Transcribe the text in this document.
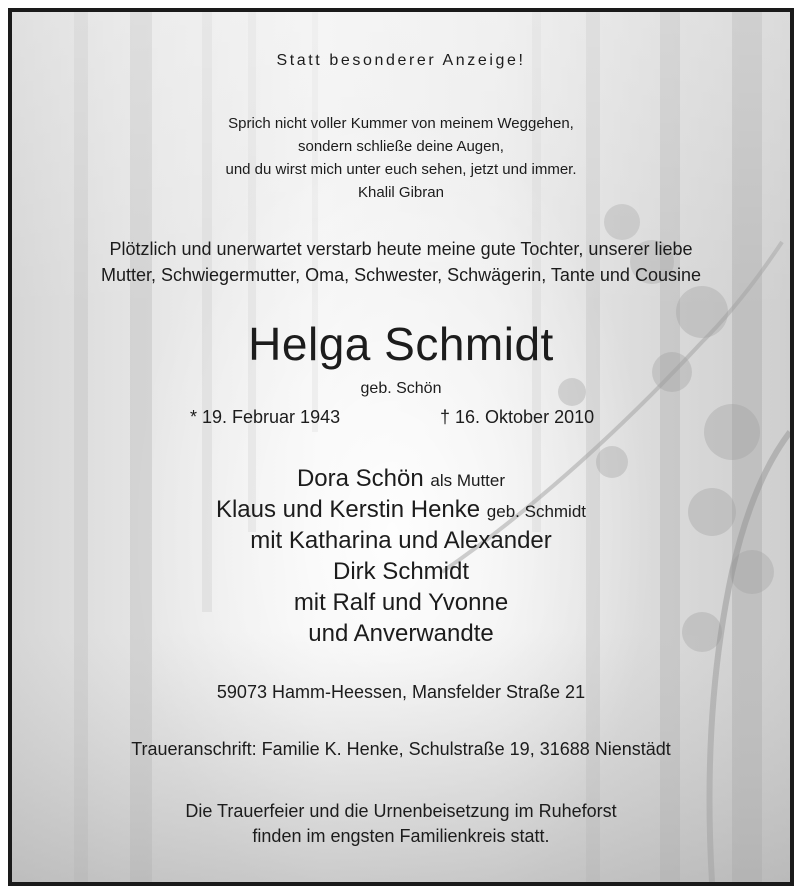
Statt besonderer Anzeige!
Sprich nicht voller Kummer von meinem Weggehen,
sondern schließe deine Augen,
und du wirst mich unter euch sehen, jetzt und immer.
Khalil Gibran
Plötzlich und unerwartet verstarb heute meine gute Tochter, unserer liebe
Mutter, Schwiegermutter, Oma, Schwester, Schwägerin, Tante und Cousine
Helga Schmidt
geb. Schön
* 19. Februar 1943	† 16. Oktober 2010
Dora Schön als Mutter
Klaus und Kerstin Henke geb. Schmidt
mit Katharina und Alexander
Dirk Schmidt
mit Ralf und Yvonne
und Anverwandte
59073 Hamm-Heessen, Mansfelder Straße 21
Traueranschrift: Familie K. Henke, Schulstraße 19, 31688 Nienstädt
Die Trauerfeier und die Urnenbeisetzung im Ruheforst
finden im engsten Familienkreis statt.
